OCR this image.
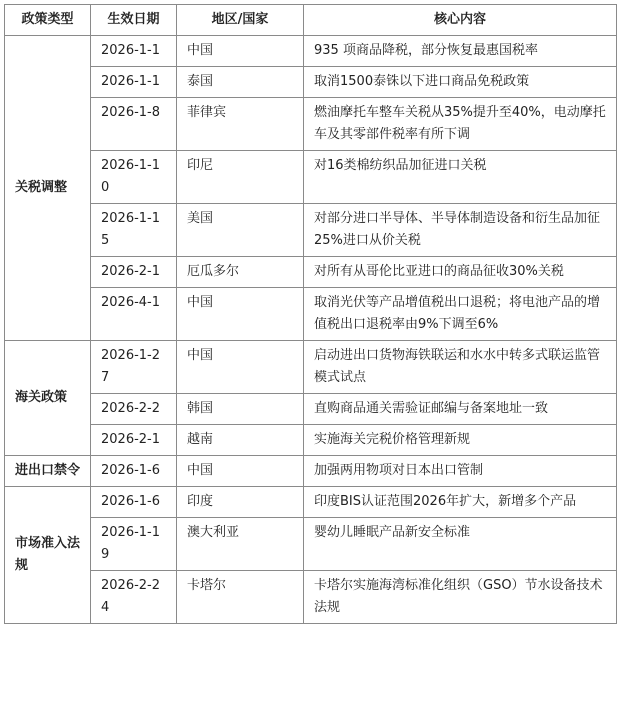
政策类型	生效日期	地区/国家	核心内容
关税调整	2026-1-1	中国	935 项商品降税，部分恢复最惠国税率
	2026-1-1	泰国	取消1500泰铢以下进口商品免税政策
	2026-1-8	菲律宾	燃油摩托车整车关税从35%提升至40%，电动摩托车及其零部件税率有所下调
	2026-1-10	印尼	对16类棉纺织品加征进口关税
	2026-1-15	美国	对部分进口半导体、半导体制造设备和衍生品加征25%进口从价关税
	2026-2-1	厄瓜多尔	对所有从哥伦比亚进口的商品征收30%关税
	2026-4-1	中国	取消光伏等产品增值税出口退税；将电池产品的增值税出口退税率由9%下调至6%
海关政策	2026-1-27	中国	启动进出口货物海铁联运和水水中转多式联运监管模式试点
	2026-2-2	韩国	直购商品通关需验证邮编与备案地址一致
	2026-2-1	越南	实施海关完税价格管理新规
进出口禁令	2026-1-6	中国	加强两用物项对日本出口管制
市场准入法规	2026-1-6	印度	印度BIS认证范围2026年扩大，新增多个产品
	2026-1-19	澳大利亚	婴幼儿睡眠产品新安全标准
	2026-2-24	卡塔尔	卡塔尔实施海湾标准化组织（GSO）节水设备技术法规
